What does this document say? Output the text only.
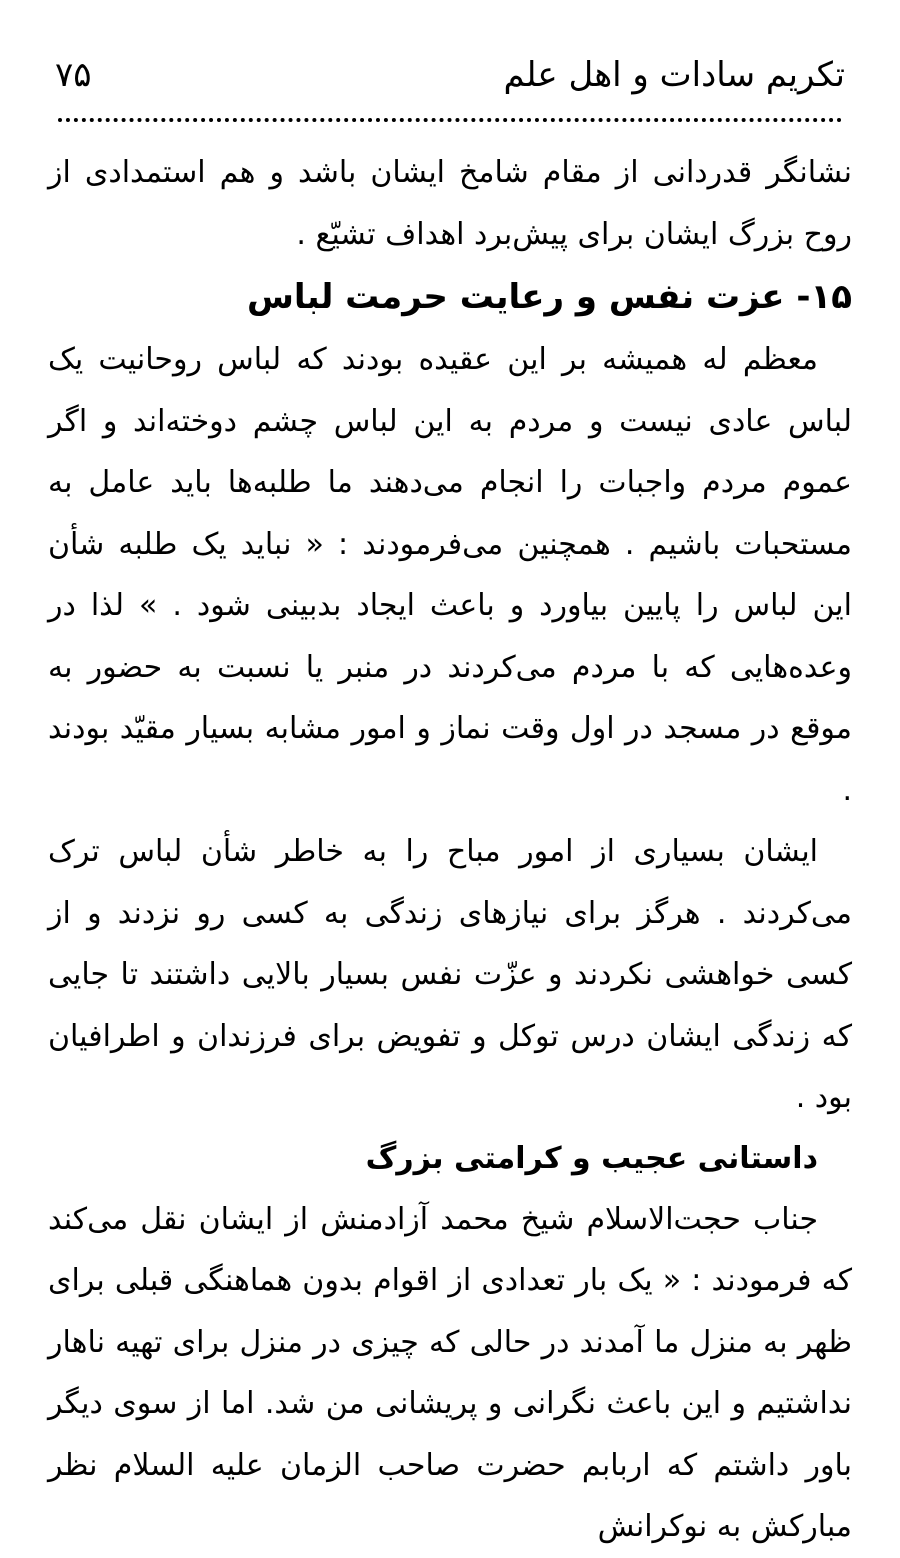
تکریم سادات و اهل علم
۷۵

نشانگر قدردانی از مقام شامخ ایشان باشد و هم استمدادی از روح بزرگ ایشان برای پیش‌برد اهداف تشیّع .

۱۵- عزت نفس و رعایت حرمت لباس

معظم له همیشه بر این عقیده بودند که لباس روحانیت یک لباس عادی نیست و مردم به این لباس چشم دوخته‌اند و اگر عموم مردم واجبات را انجام می‌دهند ما طلبه‌ها باید عامل به مستحبات باشیم . همچنین می‌فرمودند : « نباید یک طلبه شأن این لباس را پایین بیاورد و باعث ایجاد بدبینی شود . » لذا در وعده‌هایی که با مردم می‌کردند در منبر یا نسبت به حضور به موقع در مسجد در اول وقت نماز و امور مشابه بسیار مقیّد بودند .

ایشان بسیاری از امور مباح را به خاطر شأن لباس ترک می‌کردند . هرگز برای نیازهای زندگی به کسی رو نزدند و از کسی خواهشی نکردند و عزّت نفس بسیار بالایی داشتند تا جایی که زندگی ایشان درس توکل و تفویض برای فرزندان و اطرافیان بود .

داستانی عجیب و کرامتی بزرگ

جناب حجت‌الاسلام شیخ محمد آزادمنش از ایشان نقل می‌کند که فرمودند : « یک بار تعدادی از اقوام بدون هماهنگی قبلی برای ظهر به منزل ما آمدند در حالی که چیزی در منزل برای تهیه ناهار نداشتیم و این باعث نگرانی و پریشانی من شد. اما از سوی دیگر باور داشتم که اربابم حضرت صاحب الزمان علیه السلام نظر مبارکش به نوکرانش
